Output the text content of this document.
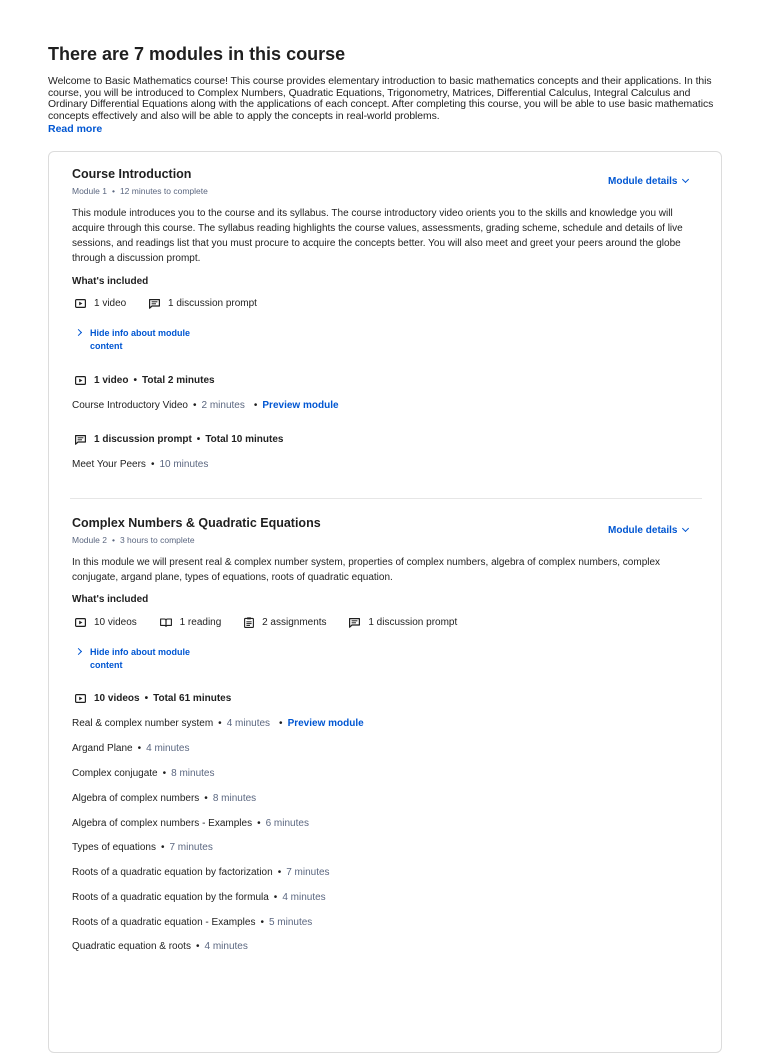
There are 7 modules in this course
Welcome to Basic Mathematics course! This course provides elementary introduction to basic mathematics concepts and their applications. In this course, you will be introduced to Complex Numbers, Quadratic Equations, Trigonometry, Matrices, Differential Calculus, Integral Calculus and Ordinary Differential Equations along with the applications of each concept. After completing this course, you will be able to use basic mathematics concepts effectively and also will be able to apply the concepts in real-world problems.
Read more
Course Introduction
Module 1 • 12 minutes to complete
Module details
This module introduces you to the course and its syllabus. The course introductory video orients you to the skills and knowledge you will acquire through this course. The syllabus reading highlights the course values, assessments, grading scheme, schedule and details of live sessions, and readings list that you must procure to acquire the concepts better. You will also meet and greet your peers around the globe through a discussion prompt.
What's included
1 video
	1 discussion prompt
Hide info about module content
1 video • Total 2 minutes
Course Introductory Video • 2 minutes • Preview module
1 discussion prompt • Total 10 minutes
Meet Your Peers • 10 minutes
Complex Numbers & Quadratic Equations
Module 2 • 3 hours to complete
Module details
In this module we will present real & complex number system, properties of complex numbers, algebra of complex numbers, complex conjugate, argand plane, types of equations, roots of quadratic equation.
What's included
10 videos
	1 reading
	2 assignments
	1 discussion prompt
Hide info about module content
10 videos • Total 61 minutes
Real & complex number system • 4 minutes • Preview module
Argand Plane • 4 minutes
Complex conjugate • 8 minutes
Algebra of complex numbers • 8 minutes
Algebra of complex numbers - Examples • 6 minutes
Types of equations • 7 minutes
Roots of a quadratic equation by factorization • 7 minutes
Roots of a quadratic equation by the formula • 4 minutes
Roots of a quadratic equation - Examples • 5 minutes
Quadratic equation & roots • 4 minutes
